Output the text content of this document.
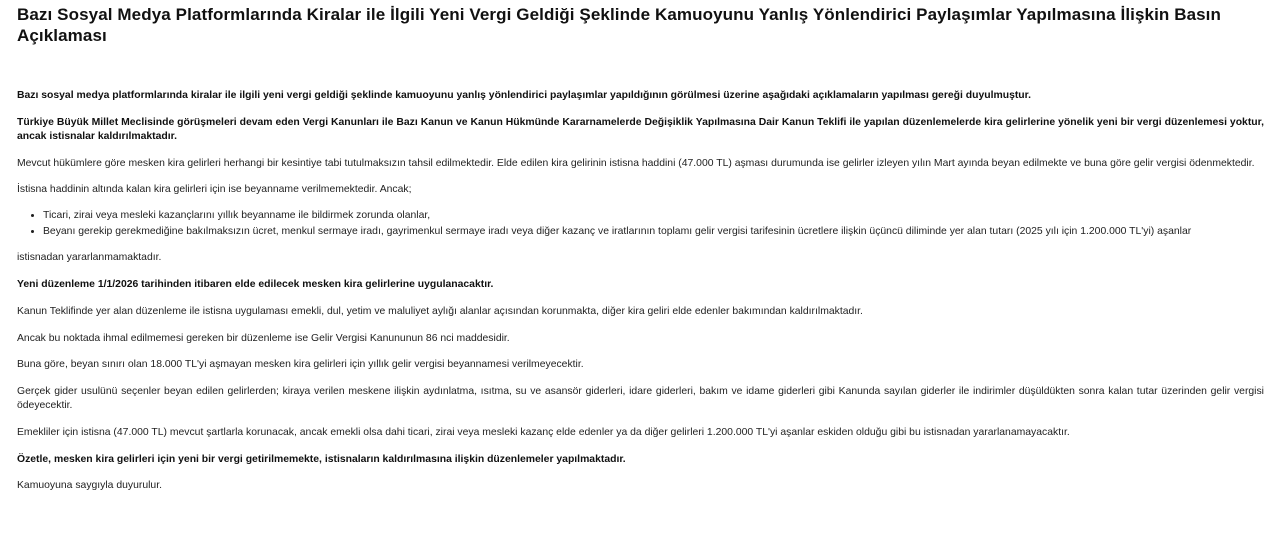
Bazı Sosyal Medya Platformlarında Kiralar ile İlgili Yeni Vergi Geldiği Şeklinde Kamuoyunu Yanlış Yönlendirici Paylaşımlar Yapılmasına İlişkin Basın Açıklaması

Bazı sosyal medya platformlarında kiralar ile ilgili yeni vergi geldiği şeklinde kamuoyunu yanlış yönlendirici paylaşımlar yapıldığının görülmesi üzerine aşağıdaki açıklamaların yapılması gereği duyulmuştur.

Türkiye Büyük Millet Meclisinde görüşmeleri devam eden Vergi Kanunları ile Bazı Kanun ve Kanun Hükmünde Kararnamelerde Değişiklik Yapılmasına Dair Kanun Teklifi ile yapılan düzenlemelerde kira gelirlerine yönelik yeni bir vergi düzenlemesi yoktur, ancak istisnalar kaldırılmaktadır.

Mevcut hükümlere göre mesken kira gelirleri herhangi bir kesintiye tabi tutulmaksızın tahsil edilmektedir. Elde edilen kira gelirinin istisna haddini (47.000 TL) aşması durumunda ise gelirler izleyen yılın Mart ayında beyan edilmekte ve buna göre gelir vergisi ödenmektedir.

İstisna haddinin altında kalan kira gelirleri için ise beyanname verilmemektedir. Ancak;

• Ticari, zirai veya mesleki kazançlarını yıllık beyanname ile bildirmek zorunda olanlar,
• Beyanı gerekip gerekmediğine bakılmaksızın ücret, menkul sermaye iradı, gayrimenkul sermaye iradı veya diğer kazanç ve iratlarının toplamı gelir vergisi tarifesinin ücretlere ilişkin üçüncü diliminde yer alan tutarı (2025 yılı için 1.200.000 TL'yi) aşanlar

istisnadan yararlanmamaktadır.

Yeni düzenleme 1/1/2026 tarihinden itibaren elde edilecek mesken kira gelirlerine uygulanacaktır.

Kanun Teklifinde yer alan düzenleme ile istisna uygulaması emekli, dul, yetim ve maluliyet aylığı alanlar açısından korunmakta, diğer kira geliri elde edenler bakımından kaldırılmaktadır.

Ancak bu noktada ihmal edilmemesi gereken bir düzenleme ise Gelir Vergisi Kanununun 86 nci maddesidir.

Buna göre, beyan sınırı olan 18.000 TL'yi aşmayan mesken kira gelirleri için yıllık gelir vergisi beyannamesi verilmeyecektir.

Gerçek gider usulünü seçenler beyan edilen gelirlerden; kiraya verilen meskene ilişkin aydınlatma, ısıtma, su ve asansör giderleri, idare giderleri, bakım ve idame giderleri gibi Kanunda sayılan giderler ile indirimler düşüldükten sonra kalan tutar üzerinden gelir vergisi ödeyecektir.

Emekliler için istisna (47.000 TL) mevcut şartlarla korunacak, ancak emekli olsa dahi ticari, zirai veya mesleki kazanç elde edenler ya da diğer gelirleri 1.200.000 TL'yi aşanlar eskiden olduğu gibi bu istisnadan yararlanamayacaktır.

Özetle, mesken kira gelirleri için yeni bir vergi getirilmemekte, istisnaların kaldırılmasına ilişkin düzenlemeler yapılmaktadır.

Kamuoyuna saygıyla duyurulur.
